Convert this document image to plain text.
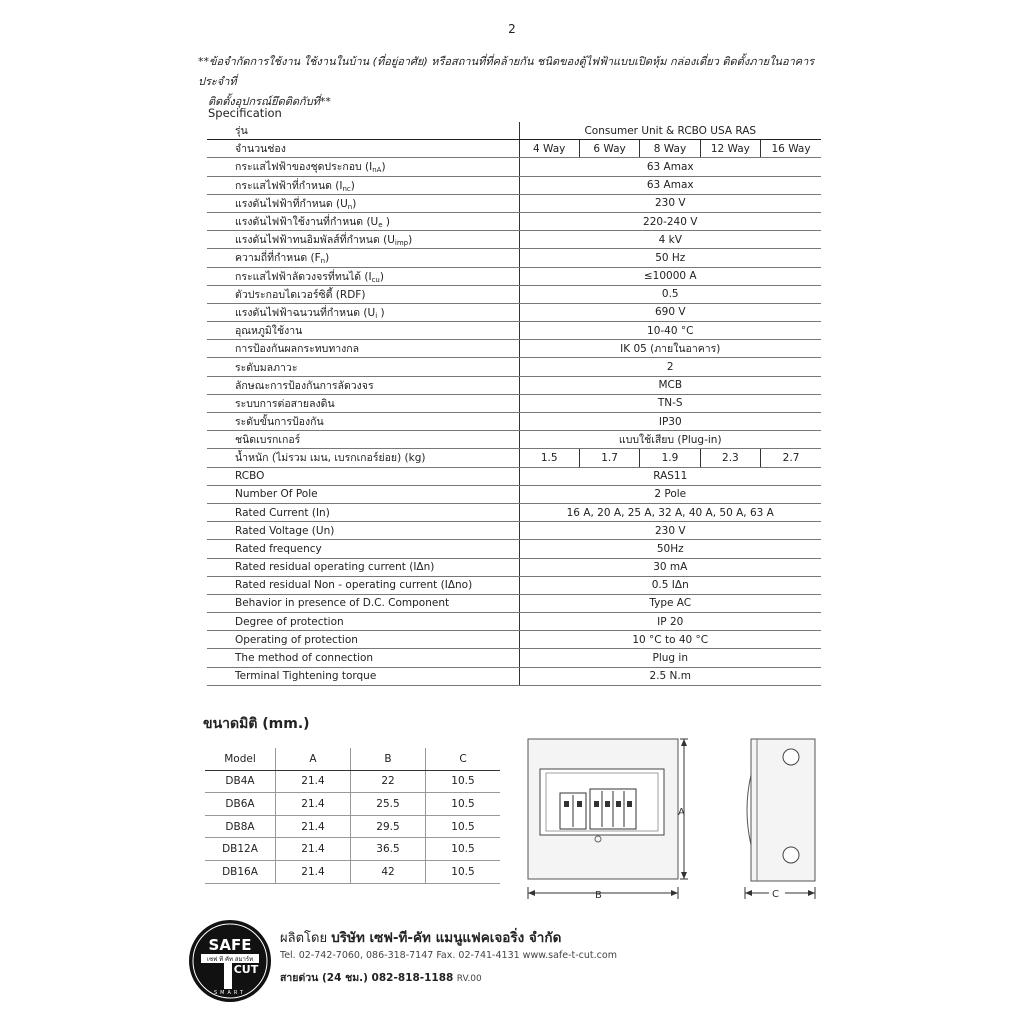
2
**ข้อจำกัดการใช้งาน ใช้งานในบ้าน (ที่อยู่อาศัย) หรือสถานที่ที่คล้ายกัน ชนิดของตู้ไฟฟ้าแบบเปิดหุ้ม กล่องเดี่ยว ติดตั้งภายในอาคารประจำที่
ติดตั้งอุปกรณ์ยึดติดกับที่**
Specification
รุ่น	Consumer Unit & RCBO USA RAS				
จำนวนช่อง	4 Way	6 Way	8 Way	12 Way	16 Way
กระแสไฟฟ้าของชุดประกอบ (InA)	63 Amax				
กระแสไฟฟ้าที่กำหนด (Inc)	63 Amax				
แรงดันไฟฟ้าที่กำหนด (Un)	230 V				
แรงดันไฟฟ้าใช้งานที่กำหนด (Ue )	220-240 V				
แรงดันไฟฟ้าทนอิมพัลส์ที่กำหนด (Uimp)	4 kV				
ความถี่ที่กำหนด (Fn)	50 Hz				
กระแสไฟฟ้าลัดวงจรที่ทนได้ (Icu)	≤10000 A				
ตัวประกอบไดเวอร์ซิตี้ (RDF)	0.5				
แรงดันไฟฟ้าฉนวนที่กำหนด (Ui )	690 V				
อุณหภูมิใช้งาน	10-40 °C				
การป้องกันผลกระทบทางกล	IK 05 (ภายในอาคาร)				
ระดับมลภาวะ	2				
ลักษณะการป้องกันการลัดวงจร	MCB				
ระบบการต่อสายลงดิน	TN-S				
ระดับขั้นการป้องกัน	IP30				
ชนิดเบรกเกอร์	แบบใช้เสียบ (Plug-in)				
น้ำหนัก (ไม่รวม เมน, เบรกเกอร์ย่อย) (kg)	1.5	1.7	1.9	2.3	2.7
RCBO	RAS11				
Number Of Pole	2 Pole				
Rated Current (In)	16 A, 20 A, 25 A, 32 A, 40 A, 50 A, 63 A				
Rated Voltage (Un)	230 V				
Rated frequency	50Hz				
Rated residual operating current (IΔn)	30 mA				
Rated residual Non - operating current (IΔno)	0.5 IΔn				
Behavior in presence of D.C. Component	Type AC				
Degree of protection	IP 20				
Operating of protection	10 °C to 40 °C				
The method of connection	Plug in				
Terminal Tightening torque	2.5 N.m				
ขนาดมิติ (mm.)
Model	A	B	C
DB4A	21.4	22	10.5
DB6A	21.4	25.5	10.5
DB8A	21.4	29.5	10.5
DB12A	21.4	36.5	10.5
DB16A	21.4	42	10.5
A
B	C
SAFE
เซฟ ที คัท สมาร์ท
CUT
SMART
ผลิตโดย บริษัท เซฟ-ที-คัท แมนูแฟคเจอริ่ง จำกัด
Tel. 02-742-7060, 086-318-7147 Fax. 02-741-4131 www.safe-t-cut.com
สายด่วน (24 ชม.) 082-818-1188 RV.00
